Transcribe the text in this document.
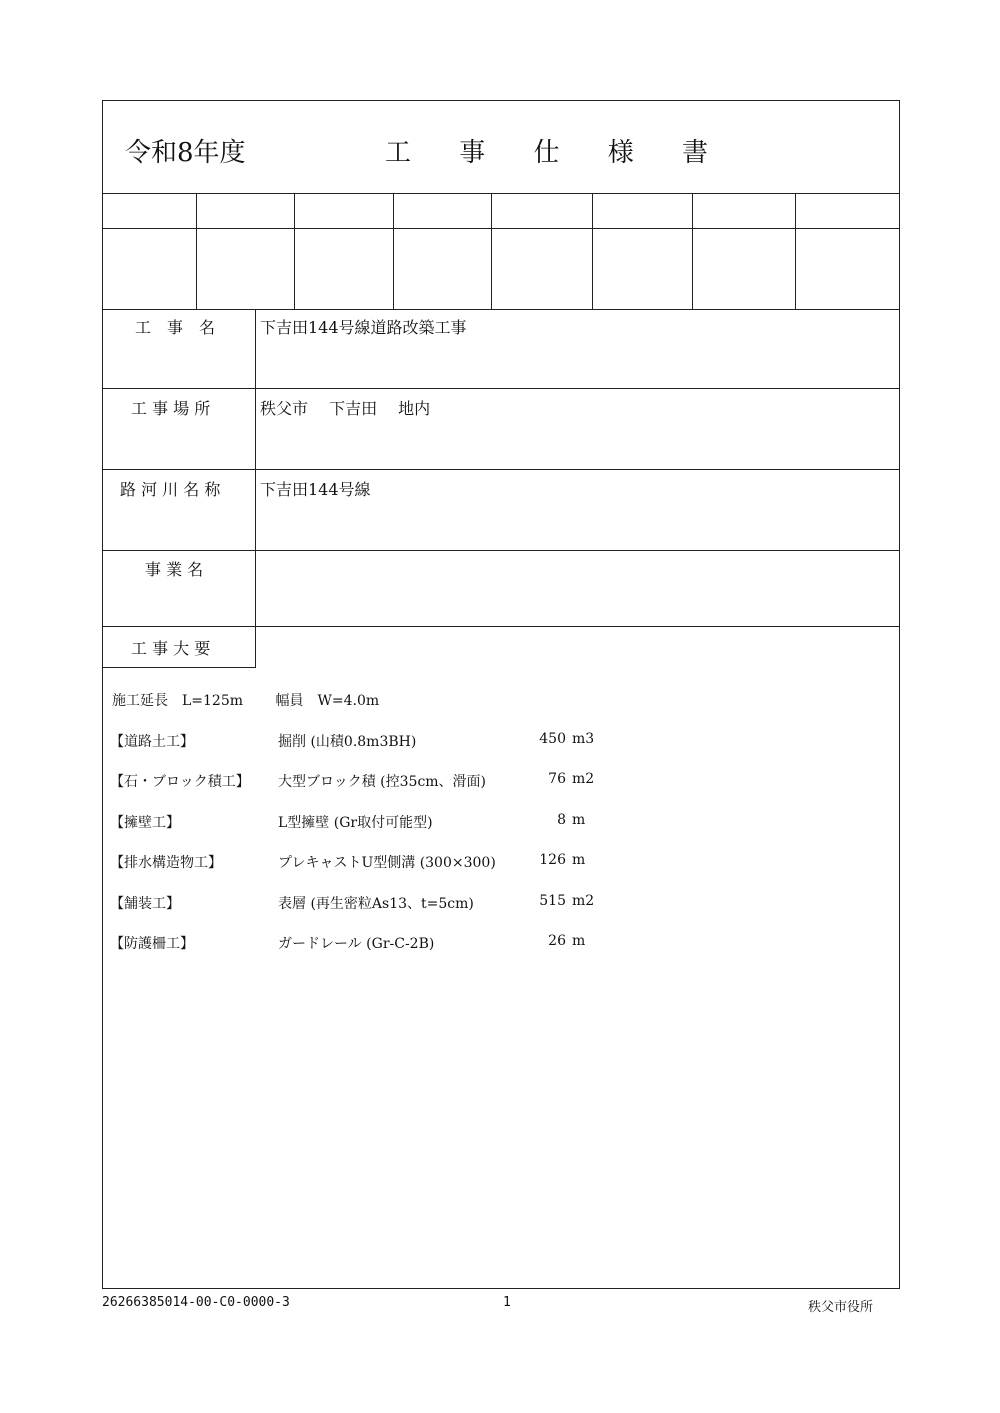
令和8年度	工 事 仕 様 書
工　事　名	下吉田144号線道路改築工事
工 事 場 所	秩父市　 下吉田　 地内
路 河 川 名 称 下吉田144号線
事 業 名
工 事 大 要
施工延長　L=125m　　 幅員　W=4.0m
【道路土工】	掘削 (山積0.8m3BH)	450 m3
【石・ブロック積工】 大型ブロック積 (控35cm、滑面)	76 m2
【擁壁工】	L型擁壁 (Gr取付可能型)	8 m
【排水構造物工】	プレキャストU型側溝 (300×300)	126 m
【舗装工】	表層 (再生密粒As13、t=5cm)	515 m2
【防護柵工】	ガードレール (Gr-C-2B)	26 m
26266385014-00-C0-0000-3	1	秩父市役所
